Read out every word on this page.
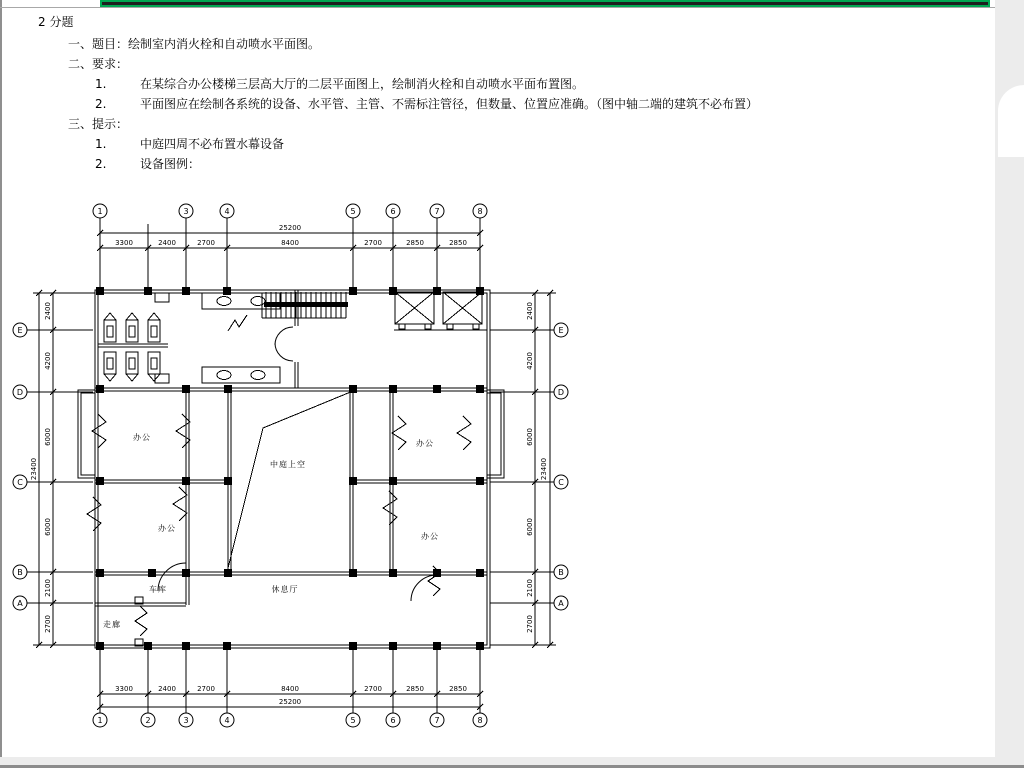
2 分题
一、题目：绘制室内消火栓和自动喷水平面图。
二、要求：
1.	在某综合办公楼梯三层高大厅的二层平面图上，绘制消火栓和自动喷水平面布置图。
2.	平面图应在绘制各系统的设备、水平管、主管、不需标注管径，但数量、位置应准确。（图中轴二端的建筑不必布置）
三、提示：
1.	中庭四周不必布置水幕设备
2.	设备图例：
1	3	4	5	6	7	8
1	2	3	4	5	6	7	8
E
D
C
B
A
E
D
C
B
A
3300	2400	2700	8400	2700	2850	2850
25200
3300	2400	2700	8400	2700	2850	2850
25200
2400
4200
6000
6000
2100
2700
23400
2400
4200
6000
6000
2100
2700
23400
办公
办公
办公
办公
中庭上空
车库
走廊
休息厅
